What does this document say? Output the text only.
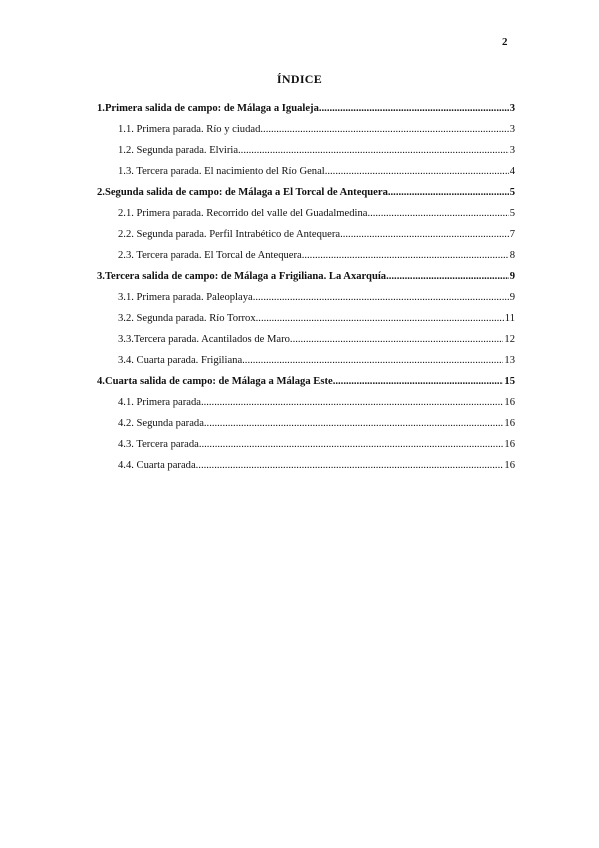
2
ÍNDICE
1. Primera salida de campo: de Málaga a Igualeja .....	3
1.1. Primera parada. Río y ciudad .....	3
1.2. Segunda parada. Elviria .....	3
1.3. Tercera parada. El nacimiento del Río Genal .....	4
2. Segunda salida de campo: de Málaga a El Torcal de Antequera .....	5
2.1. Primera parada. Recorrido del valle del Guadalmedina .....	5
2.2. Segunda parada. Perfil Intrabético de Antequera .....	7
2.3. Tercera parada. El Torcal de Antequera .....	8
3. Tercera salida de campo: de Málaga a Frigiliana. La Axarquía .....	9
3.1. Primera parada. Paleoplaya .....	9
3.2. Segunda parada. Río Torrox .....	11
3.3.Tercera parada. Acantilados de Maro .....	12
3.4. Cuarta parada. Frigiliana .....	13
4. Cuarta salida de campo: de Málaga a Málaga Este .....	15
4.1. Primera parada .....	16
4.2. Segunda parada .....	16
4.3. Tercera parada .....	16
4.4. Cuarta parada .....	16
